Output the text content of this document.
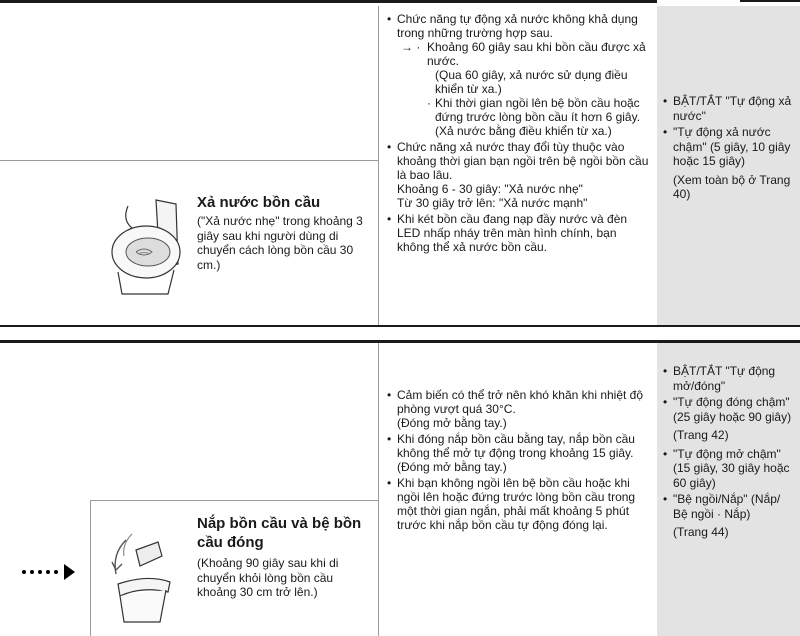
Xả nước bồn cầu
("Xả nước nhẹ" trong khoảng 3 giây sau khi người dùng di chuyển cách lòng bồn cầu 30 cm.)

• Chức năng tự động xả nước không khả dụng trong những trường hợp sau.

→ · Khoảng 60 giây sau khi bồn cầu được xả nước.

(Qua 60 giây, xả nước sử dụng điều khiển từ xa.)

· Khi thời gian ngồi lên bệ bồn cầu hoặc đứng trước lòng bồn cầu ít hơn 6 giây.

(Xả nước bằng điều khiển từ xa.)

• Chức năng xả nước thay đổi tùy thuộc vào khoảng thời gian bạn ngồi trên bệ ngồi bồn cầu là bao lâu.

Khoảng 6 - 30 giây: "Xả nước nhẹ"

Từ 30 giây trở lên: "Xả nước mạnh"

• Khi két bồn cầu đang nạp đầy nước và đèn LED nhấp nháy trên màn hình chính, bạn không thể xả nước bồn cầu.
• BẬT/TẮT "Tự động xả nước"
• "Tự động xả nước chậm" (5 giây, 10 giây hoặc 15 giây)

(Xem toàn bộ ở Trang 40)

Nắp bồn cầu và bệ bồn cầu đóng
(Khoảng 90 giây sau khi di chuyển khỏi lòng bồn cầu khoảng 30 cm trở lên.)

• Cảm biến có thể trở nên khó khăn khi nhiệt độ phòng vượt quá 30°C.

(Đóng mở bằng tay.)

• Khi đóng nắp bồn cầu bằng tay, nắp bồn cầu không thể mở tự động trong khoảng 15 giây.

(Đóng mở bằng tay.)

• Khi bạn không ngồi lên bệ bồn cầu hoặc khi ngồi lên hoặc đứng trước lòng bồn cầu trong một thời gian ngắn, phải mất khoảng 5 phút trước khi nắp bồn cầu tự động đóng lại.
• BẬT/TẮT "Tự động mở/đóng"
• "Tự động đóng chậm" (25 giây hoặc 90 giây)

(Trang 42)

• "Tự động mở chậm" (15 giây, 30 giây hoặc 60 giây)
• "Bệ ngồi/Nắp" (Nắp/ Bệ ngồi · Nắp)

(Trang 44)
